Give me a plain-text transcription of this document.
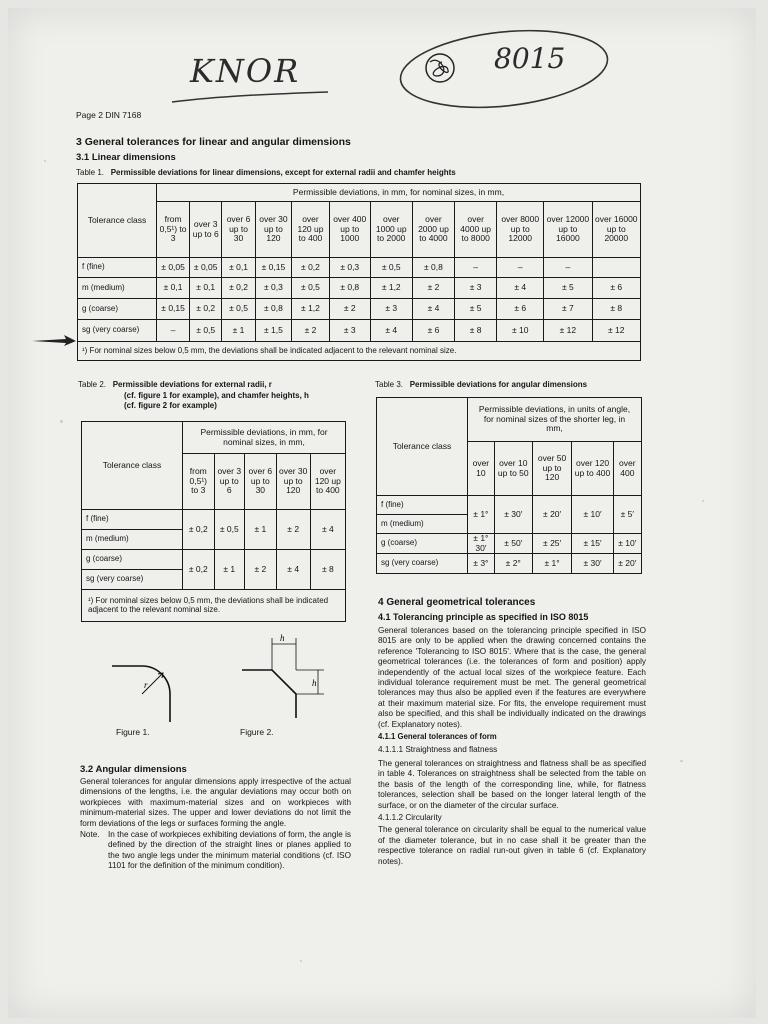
KNOR	8015
Page 2 DIN 7168
3 General tolerances for linear and angular dimensions
3.1 Linear dimensions
Table 1. Permissible deviations for linear dimensions, except for external radii and chamfer heights
Tolerance class	Permissible deviations, in mm, for nominal sizes, in mm,											
	from 0,5¹) to 3	over 3 up to 6	over 6 up to 30	over 30 up to 120	over 120 up to 400	over 400 up to 1000	over 1000 up to 2000	over 2000 up to 4000	over 4000 up to 8000	over 8000 up to 12000	over 12000 up to 16000	over 16000 up to 20000
f (fine)	± 0,05	± 0,05	± 0,1	± 0,15	± 0,2	± 0,3	± 0,5	± 0,8	–	–	–	
m (medium)	± 0,1	± 0,1	± 0,2	± 0,3	± 0,5	± 0,8	± 1,2	± 2	± 3	± 4	± 5	± 6
g (coarse)	± 0,15	± 0,2	± 0,5	± 0,8	± 1,2	± 2	± 3	± 4	± 5	± 6	± 7	± 8
sg (very coarse)	–	± 0,5	± 1	± 1,5	± 2	± 3	± 4	± 6	± 8	± 10	± 12	± 12
¹) For nominal sizes below 0,5 mm, the deviations shall be indicated adjacent to the relevant nominal size.												
Table 2. Permissible deviations for external radii, r
(cf. figure 1 for example), and chamfer heights, h
(cf. figure 2 for example)
Tolerance class	Permissible deviations, in mm, for nominal sizes, in mm,				
	from 0,5¹) to 3	over 3 up to 6	over 6 up to 30	over 30 up to 120	over 120 up to 400
f (fine)	± 0,2	± 0,5	± 1	± 2	± 4
m (medium)					
g (coarse)	± 0,2	± 1	± 2	± 4	± 8
sg (very coarse)					
¹) For nominal sizes below 0,5 mm, the deviations shall be indicated adjacent to the relevant nominal size.					
Table 3. Permissible deviations for angular dimensions
Tolerance class	Permissible deviations, in units of angle, for nominal sizes of the shorter leg, in mm,				
	over 10	over 10 up to 50	over 50 up to 120	over 120 up to 400	over 400
f (fine)	± 1°	± 30′	± 20′	± 10′	± 5′
m (medium)					
g (coarse)	± 1° 30′	± 50′	± 25′	± 15′	± 10′
sg (very coarse)	± 3°	± 2°	± 1°	± 30′	± 20′
r
Figure 1.
h
h
Figure 2.
3.2 Angular dimensions

General tolerances for angular dimensions apply irrespective of the actual dimensions of the lengths, i.e. the angular deviations may occur both on workpieces with maximum-material sizes and on workpieces with minimum-material sizes. The upper and lower deviations do not limit the form deviations of the legs or surfaces forming the angle.

Note.	In the case of workpieces exhibiting deviations of form, the angle is defined by the direction of the straight lines or planes applied to the two angle legs under the minimum material conditions (cf. ISO 1101 for the definition of the minimum condition).
4 General geometrical tolerances
4.1 Tolerancing principle as specified in ISO 8015

General tolerances based on the tolerancing principle specified in ISO 8015 are only to be applied when the drawing concerned contains the reference 'Tolerancing to ISO 8015'. Where that is the case, the general geometrical tolerances (i.e. the tolerances of form and position) apply independently of the actual local sizes of the workpiece feature. Each individual tolerance requirement must be met. The general geometrical tolerances may thus also be applied even if the features are everywhere at their maximum material size. For fits, the envelope requirement must also be specified, and this shall be individually indicated on the drawings (cf. Explanatory notes).

4.1.1 General tolerances of form

4.1.1.1 Straightness and flatness

The general tolerances on straightness and flatness shall be as specified in table 4. Tolerances on straightness shall be selected from the table on the basis of the length of the corresponding line, while, for flatness tolerances, selection shall be based on the longer lateral length of the surface, or on the diameter of the circular surface.

4.1.1.2 Circularity

The general tolerance on circularity shall be equal to the numerical value of the diameter tolerance, but in no case shall it be greater than the respective tolerance on radial run-out given in table 6 (cf. Explanatory notes).
